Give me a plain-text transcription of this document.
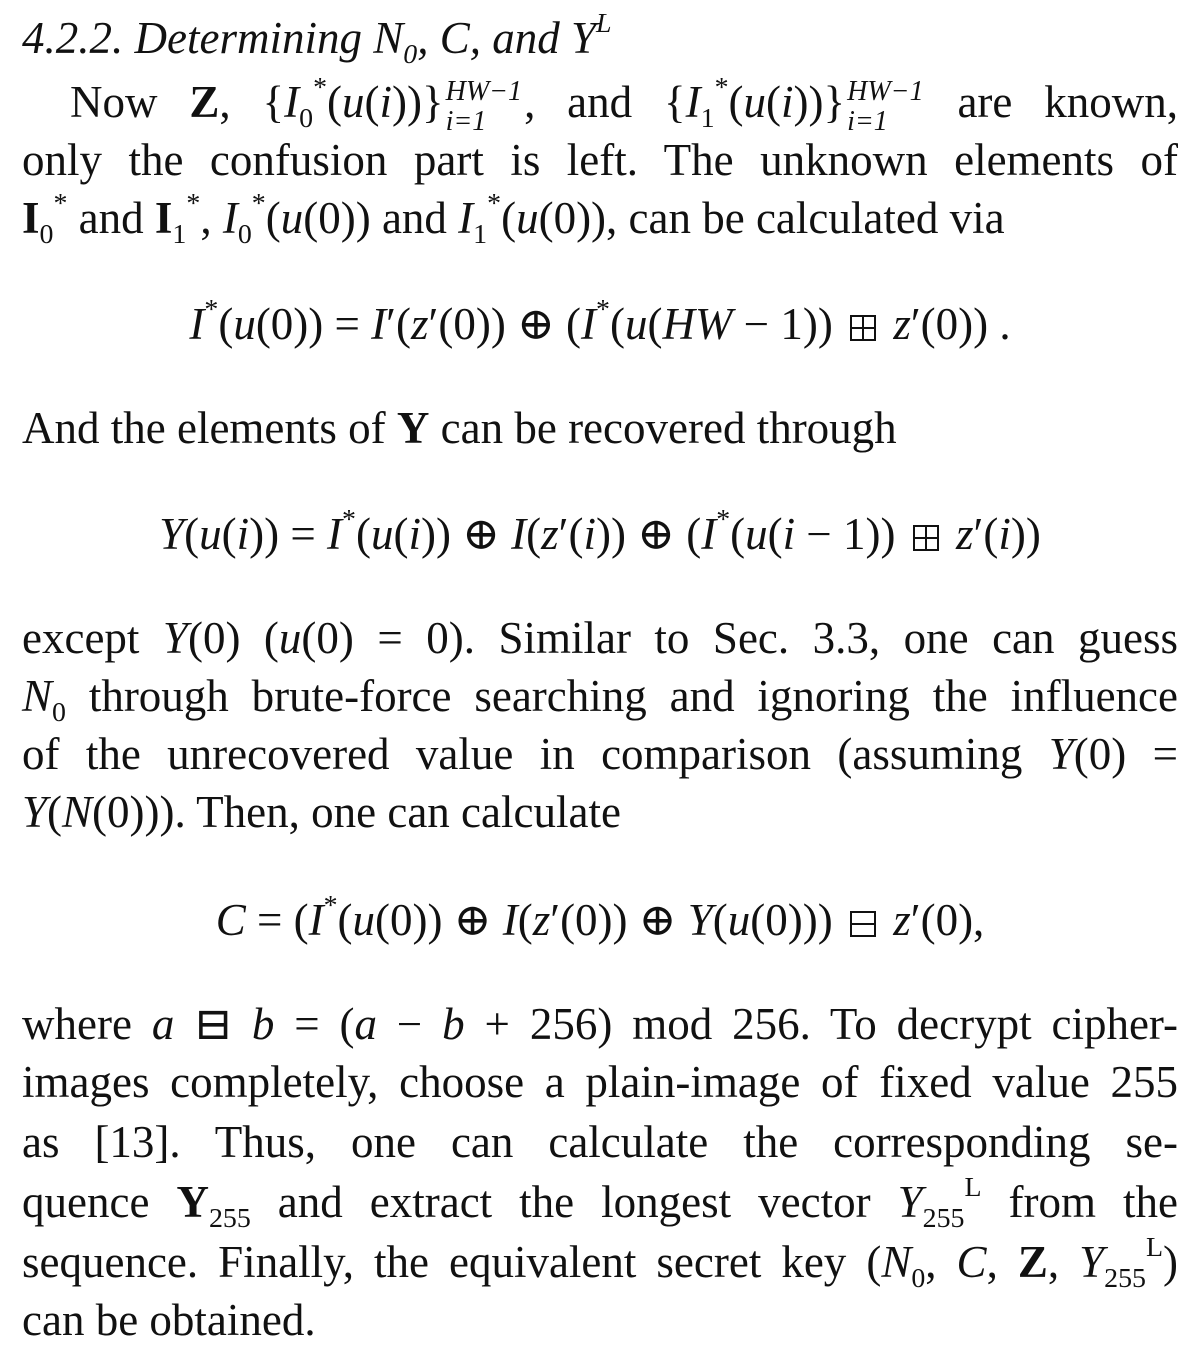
4.2.2. Determining $N_0$, C, and $Y^L$
Now Z, $\{I_0^*(u(i))\}$ HW−1
i=1 , and $\{I_1^*(u(i))\}$ HW−1
i=1 are known,
only the confusion part is left. The unknown elements of
$I_0^*$ and $I_1^*$, $I_0^*(u(0))$ and $I_1^*(u(0))$, can be calculated via
I*(u(0)) = I′(z′(0)) ⊕ (I*(u(HW − 1))  z′(0)) .
And the elements of Y can be recovered through
Y(u(i)) = I*(u(i)) ⊕ I(z′(i)) ⊕ (I*(u(i − 1))  z′(i))
except Y(0) (u(0) = 0). Similar to Sec. 3.3, one can guess
$N_0$ through brute-force searching and ignoring the influence
of the unrecovered value in comparison (assuming Y(0) =
Y(N(0))). Then, one can calculate
C = (I*(u(0)) ⊕ I(z′(0)) ⊕ Y(u(0)))  z′(0),
where a ⊟ b = (a − b + 256) mod 256. To decrypt cipher-
images completely, choose a plain-image of fixed value 255
as [13]. Thus, one can calculate the corresponding se-
quence $Y_{255}$ and extract the longest vector $Y_{255}^L$ from the
sequence. Finally, the equivalent secret key ($N_0$, C, Z, $Y_{255}^L$)
can be obtained.
